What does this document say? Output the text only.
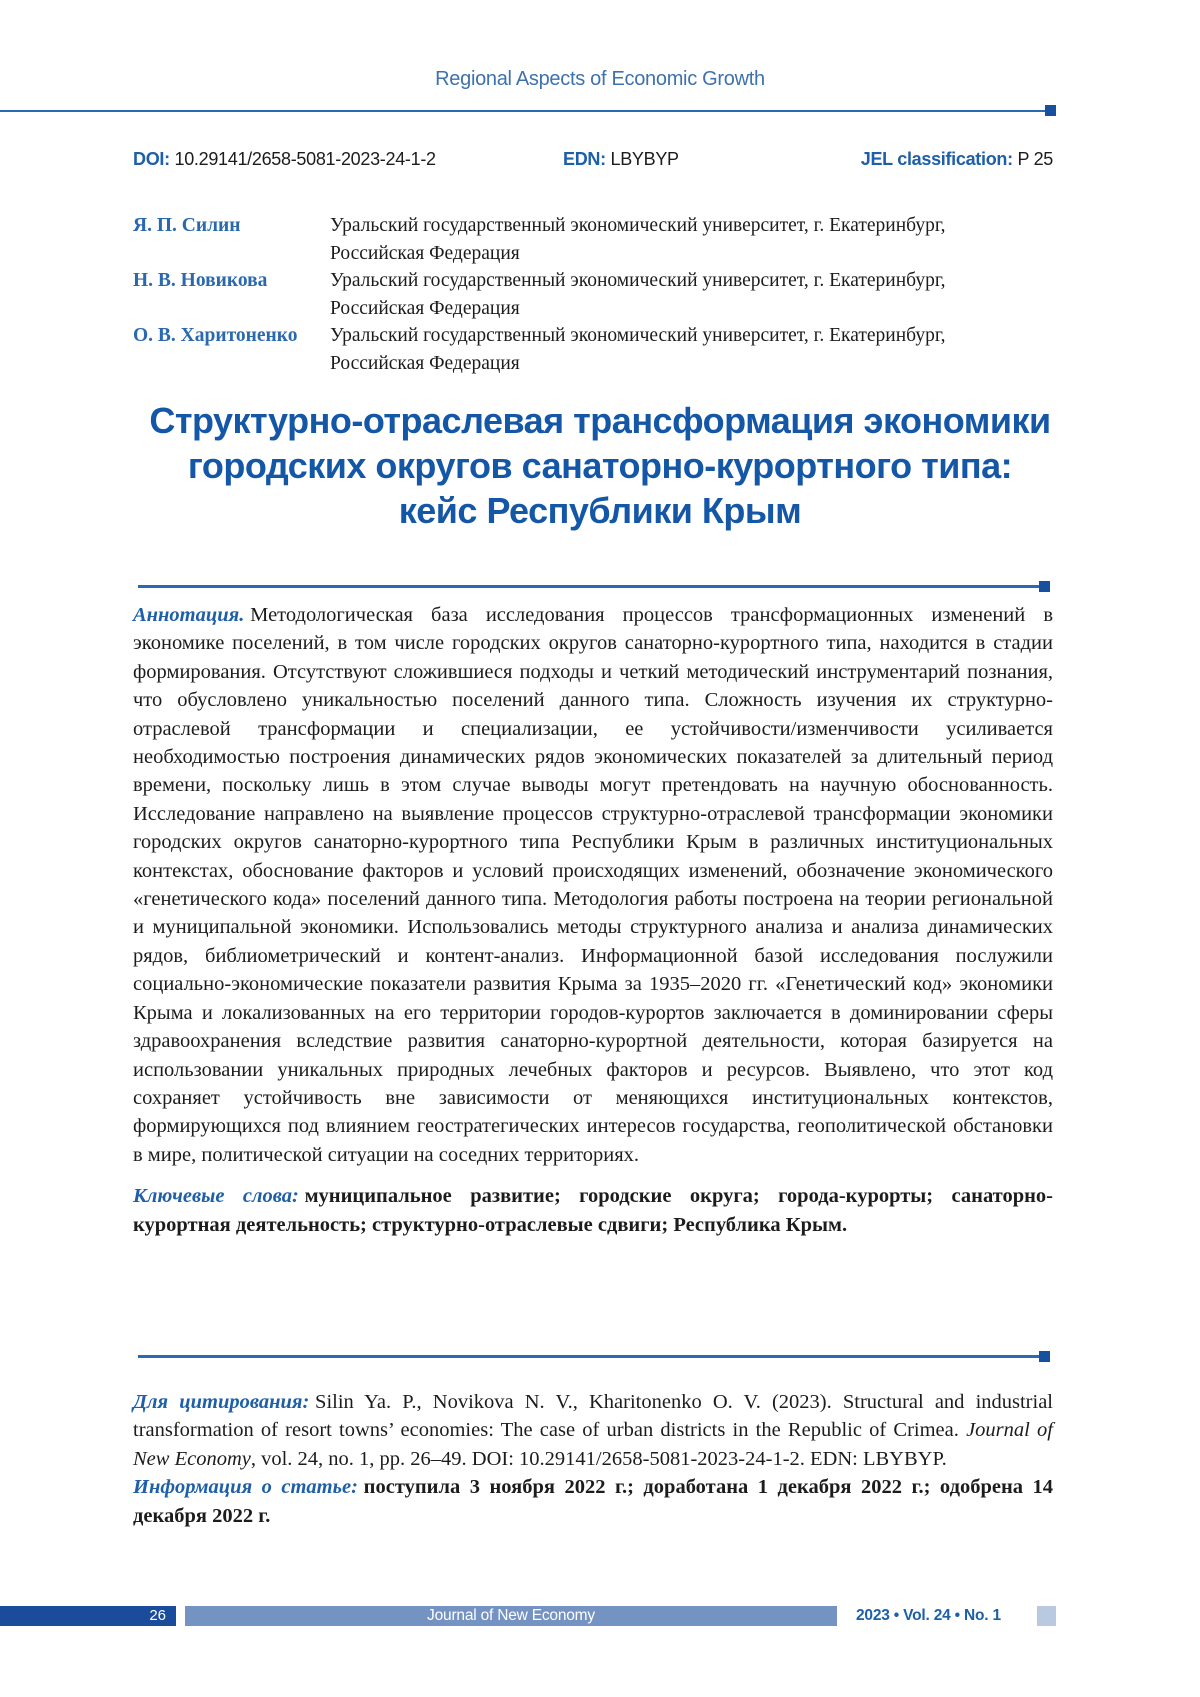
Regional Aspects of Economic Growth
DOI: 10.29141/2658-5081-2023-24-1-2	EDN: LBYBYP	JEL classification: P 25
Я. П. Силин	Уральский государственный экономический университет, г. Екатеринбург,
Российская Федерация
Н. В. Новикова	Уральский государственный экономический университет, г. Екатеринбург,
Российская Федерация
О. В. Харитоненко	Уральский государственный экономический университет, г. Екатеринбург,
Российская Федерация
Структурно-отраслевая трансформация экономики
городских округов санаторно-курортного типа:
кейс Республики Крым

Аннотация. Методологическая база исследования процессов трансформационных изменений в экономике поселений, в том числе городских округов санаторно-курортного типа, находится в стадии формирования. Отсутствуют сложившиеся подходы и четкий методический инструментарий познания, что обусловлено уникальностью поселений данного типа. Сложность изучения их структурно-отраслевой трансформации и специализации, ее устойчивости/изменчивости усиливается необходимостью построения динамических рядов экономических показателей за длительный период времени, поскольку лишь в этом случае выводы могут претендовать на научную обоснованность. Исследование направлено на выявление процессов структурно-отраслевой трансформации экономики городских округов санаторно-курортного типа Республики Крым в различных институциональных контекстах, обоснование факторов и условий происходящих изменений, обозначение экономического «генетического кода» поселений данного типа. Методология работы построена на теории региональной и муниципальной экономики. Использовались методы структурного анализа и анализа динамических рядов, библиометрический и контент-анализ. Информационной базой исследования послужили социально-экономические показатели развития Крыма за 1935–2020 гг. «Генетический код» экономики Крыма и локализованных на его территории городов-курортов заключается в доминировании сферы здравоохранения вследствие развития санаторно-курортной деятельности, которая базируется на использовании уникальных природных лечебных факторов и ресурсов. Выявлено, что этот код сохраняет устойчивость вне зависимости от меняющихся институциональных контекстов, формирующихся под влиянием геостратегических интересов государства, геополитической обстановки в мире, политической ситуации на соседних территориях.

Ключевые слова: муниципальное развитие; городские округа; города-курорты; санаторно-курортная деятельность; структурно-отраслевые сдвиги; Республика Крым.

Для цитирования: Silin Ya. P., Novikova N. V., Kharitonenko O. V. (2023). Structural and industrial transformation of resort towns’ economies: The case of urban districts in the Republic of Crimea. Journal of New Economy, vol. 24, no. 1, pp. 26–49. DOI: 10.29141/2658-5081-2023-24-1-2. EDN: LBYBYP.

Информация о статье: поступила 3 ноября 2022 г.; доработана 1 декабря 2022 г.; одобрена 14 декабря 2022 г.

26	Journal of New Economy	2023 • Vol. 24 • No. 1
